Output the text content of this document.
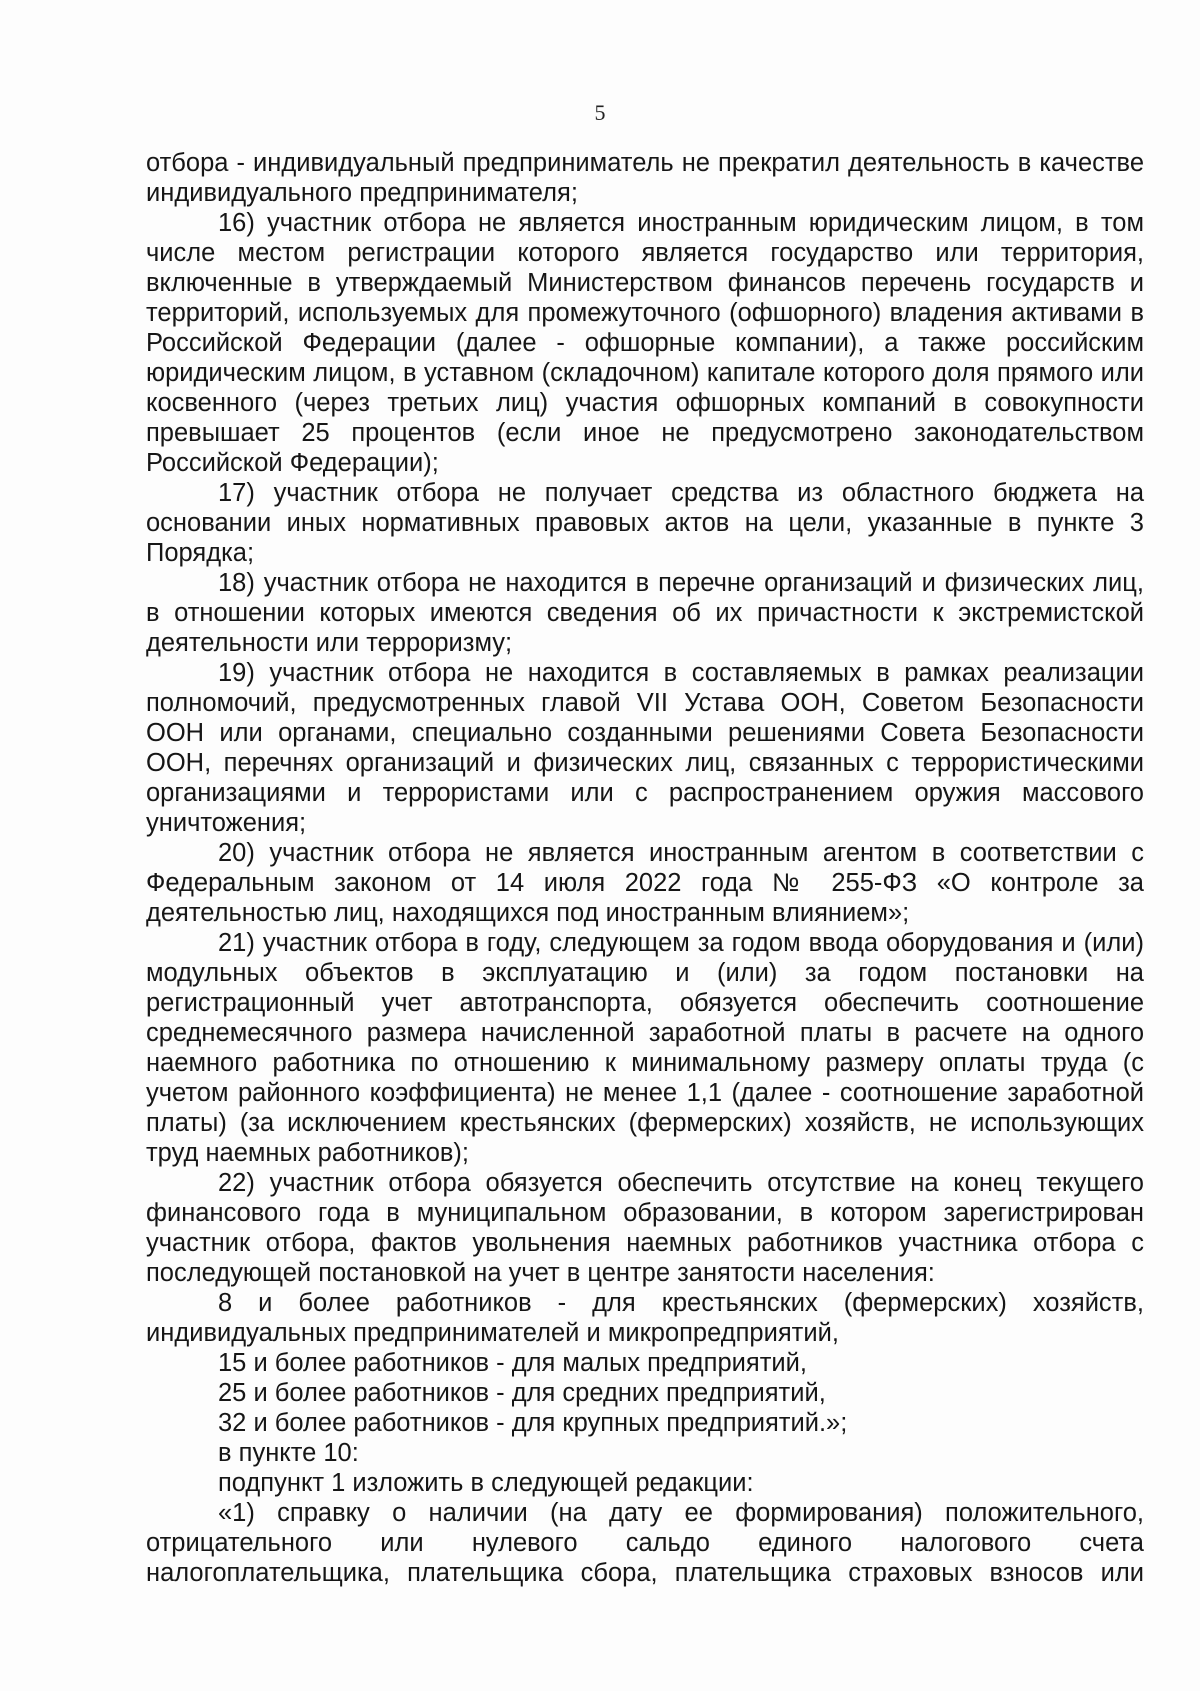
5

отбора - индивидуальный предприниматель не прекратил деятельность в качестве индивидуального предпринимателя;

16) участник отбора не является иностранным юридическим лицом, в том числе местом регистрации которого является государство или территория, включенные в утверждаемый Министерством финансов перечень государств и территорий, используемых для промежуточного (офшорного) владения активами в Российской Федерации (далее - офшорные компании), а также российским юридическим лицом, в уставном (складочном) капитале которого доля прямого или косвенного (через третьих лиц) участия офшорных компаний в совокупности превышает 25 процентов (если иное не предусмотрено законодательством Российской Федерации);

17) участник отбора не получает средства из областного бюджета на основании иных нормативных правовых актов на цели, указанные в пункте 3 Порядка;

18) участник отбора не находится в перечне организаций и физических лиц, в отношении которых имеются сведения об их причастности к экстремистской деятельности или терроризму;

19) участник отбора не находится в составляемых в рамках реализации полномочий, предусмотренных главой VII Устава ООН, Советом Безопасности ООН или органами, специально созданными решениями Совета Безопасности ООН, перечнях организаций и физических лиц, связанных с террористическими организациями и террористами или с распространением оружия массового уничтожения;

20) участник отбора не является иностранным агентом в соответствии с Федеральным законом от 14 июля 2022 года № 255-ФЗ «О контроле за деятельностью лиц, находящихся под иностранным влиянием»;

21) участник отбора в году, следующем за годом ввода оборудования и (или) модульных объектов в эксплуатацию и (или) за годом постановки на регистрационный учет автотранспорта, обязуется обеспечить соотношение среднемесячного размера начисленной заработной платы в расчете на одного наемного работника по отношению к минимальному размеру оплаты труда (с учетом районного коэффициента) не менее 1,1 (далее - соотношение заработной платы) (за исключением крестьянских (фермерских) хозяйств, не использующих труд наемных работников);

22) участник отбора обязуется обеспечить отсутствие на конец текущего финансового года в муниципальном образовании, в котором зарегистрирован участник отбора, фактов увольнения наемных работников участника отбора с последующей постановкой на учет в центре занятости населения:

8 и более работников - для крестьянских (фермерских) хозяйств, индивидуальных предпринимателей и микропредприятий,

15 и более работников - для малых предприятий,

25 и более работников - для средних предприятий,

32 и более работников - для крупных предприятий.»;

в пункте 10:

подпункт 1 изложить в следующей редакции:

«1) справку о наличии (на дату ее формирования) положительного, отрицательного или нулевого сальдо единого налогового счета налогоплательщика, плательщика сбора, плательщика страховых взносов или
